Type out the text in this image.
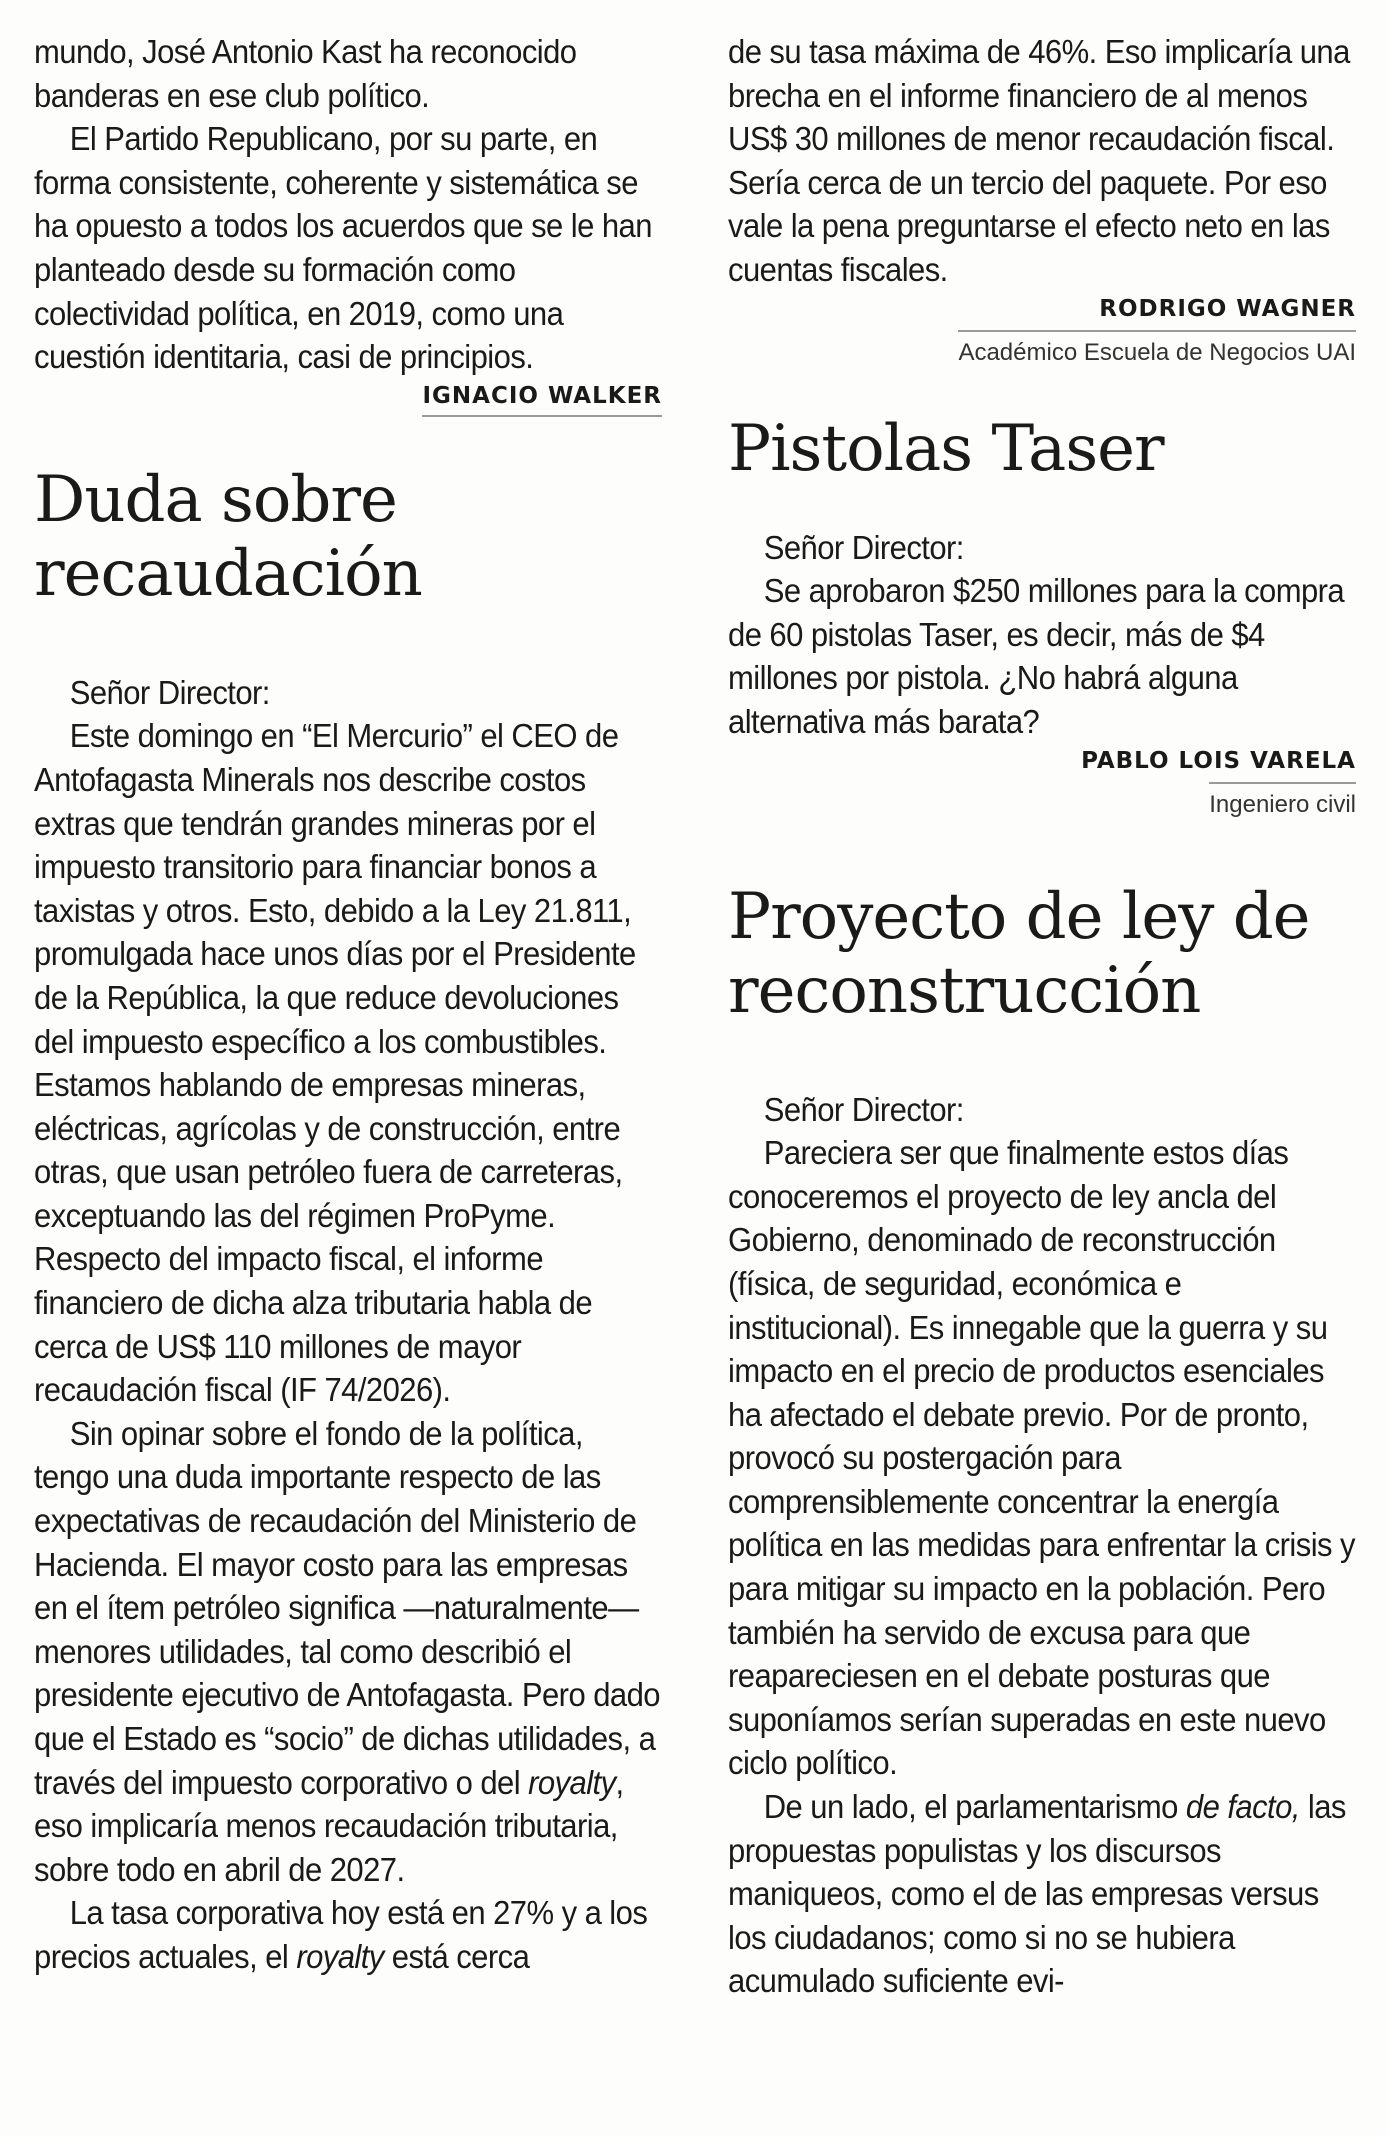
mundo, José Antonio Kast ha reconocido banderas en ese club político.

El Partido Republicano, por su parte, en forma consistente, coherente y sistemática se ha opuesto a todos los acuerdos que se le han planteado desde su formación como colectividad política, en 2019, como una cuestión identitaria, casi de principios.

IGNACIO WALKER
Duda sobre recaudación

Señor Director:

Este domingo en “El Mercurio” el CEO de Antofagasta Minerals nos describe costos extras que tendrán grandes mineras por el impuesto transitorio para financiar bonos a taxistas y otros. Esto, debido a la Ley 21.811, promulgada hace unos días por el Presidente de la República, la que reduce devoluciones del impuesto específico a los combustibles. Estamos hablando de empresas mineras, eléctricas, agrícolas y de construcción, entre otras, que usan petróleo fuera de carreteras, exceptuando las del régimen ProPyme. Respecto del impacto fiscal, el informe financiero de dicha alza tributaria habla de cerca de US$ 110 millones de mayor recaudación fiscal (IF 74/2026).

Sin opinar sobre el fondo de la política, tengo una duda importante respecto de las expectativas de recaudación del Ministerio de Hacienda. El mayor costo para las empresas en el ítem petróleo significa —naturalmente— menores utilidades, tal como describió el presidente ejecutivo de Antofagasta. Pero dado que el Estado es “socio” de dichas utilidades, a través del impuesto corporativo o del royalty, eso implicaría menos recaudación tributaria, sobre todo en abril de 2027.

La tasa corporativa hoy está en 27% y a los precios actuales, el royalty está cerca

de su tasa máxima de 46%. Eso implicaría una brecha en el informe financiero de al menos US$ 30 millones de menor recaudación fiscal. Sería cerca de un tercio del paquete. Por eso vale la pena preguntarse el efecto neto en las cuentas fiscales.

RODRIGO WAGNER
Académico Escuela de Negocios UAI
Pistolas Taser

Señor Director:

Se aprobaron $250 millones para la compra de 60 pistolas Taser, es decir, más de $4 millones por pistola. ¿No habrá alguna alternativa más barata?

PABLO LOIS VARELA
Ingeniero civil
Proyecto de ley de reconstrucción

Señor Director:

Pareciera ser que finalmente estos días conoceremos el proyecto de ley ancla del Gobierno, denominado de reconstrucción (física, de seguridad, económica e institucional). Es innegable que la guerra y su impacto en el precio de productos esenciales ha afectado el debate previo. Por de pronto, provocó su postergación para comprensiblemente concentrar la energía política en las medidas para enfrentar la crisis y para mitigar su impacto en la población. Pero también ha servido de excusa para que reapareciesen en el debate posturas que suponíamos serían superadas en este nuevo ciclo político.

De un lado, el parlamentarismo de facto, las propuestas populistas y los discursos maniqueos, como el de las empresas versus los ciudadanos; como si no se hubiera acumulado suficiente evi-
